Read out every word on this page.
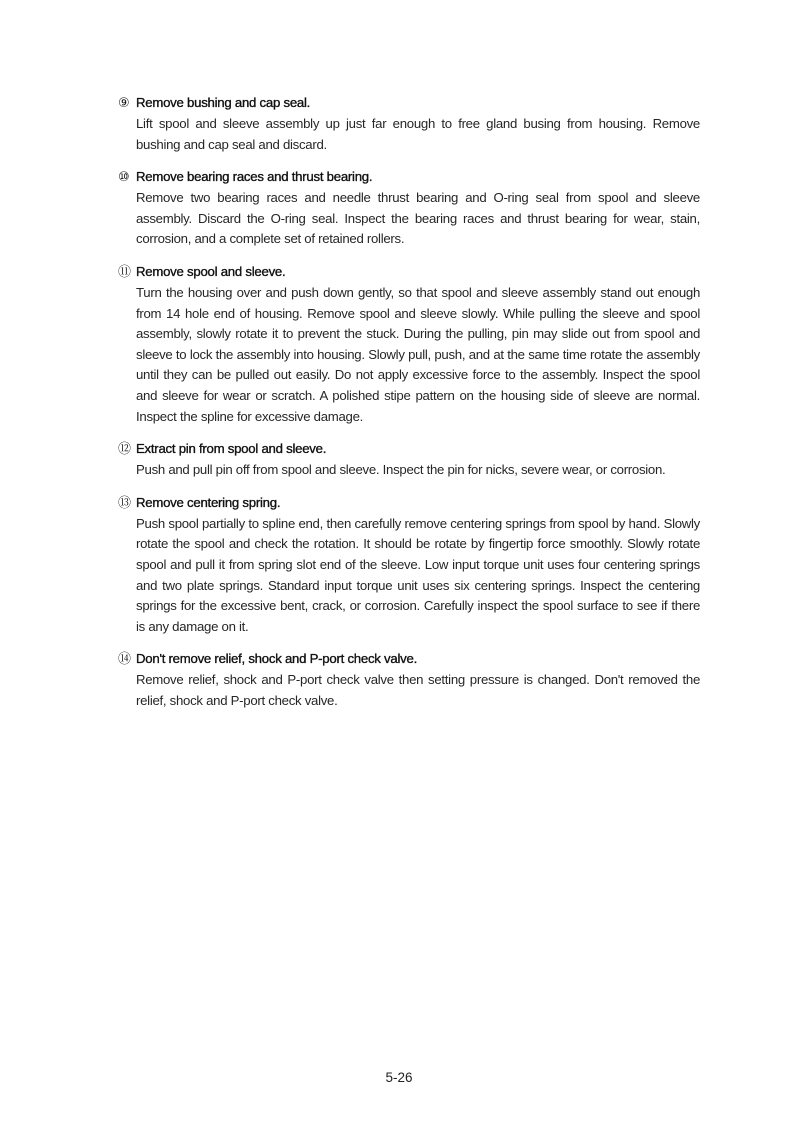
⑨ Remove bushing and cap seal.

Lift spool and sleeve assembly up just far enough to free gland busing from housing. Remove bushing and cap seal and discard.

⑩ Remove bearing races and thrust bearing.

Remove two bearing races and needle thrust bearing and O-ring seal from spool and sleeve assembly. Discard the O-ring seal. Inspect the bearing races and thrust bearing for wear, stain, corrosion, and a complete set of retained rollers.

⑪ Remove spool and sleeve.

Turn the housing over and push down gently, so that spool and sleeve assembly stand out enough from 14 hole end of housing. Remove spool and sleeve slowly. While pulling the sleeve and spool assembly, slowly rotate it to prevent the stuck. During the pulling, pin may slide out from spool and sleeve to lock the assembly into housing. Slowly pull, push, and at the same time rotate the assembly until they can be pulled out easily. Do not apply excessive force to the assembly. Inspect the spool and sleeve for wear or scratch. A polished stipe pattern on the housing side of sleeve are normal. Inspect the spline for excessive damage.

⑫ Extract pin from spool and sleeve.

Push and pull pin off from spool and sleeve. Inspect the pin for nicks, severe wear, or corrosion.

⑬ Remove centering spring.

Push spool partially to spline end, then carefully remove centering springs from spool by hand. Slowly rotate the spool and check the rotation. It should be rotate by fingertip force smoothly. Slowly rotate spool and pull it from spring slot end of the sleeve. Low input torque unit uses four centering springs and two plate springs. Standard input torque unit uses six centering springs. Inspect the centering springs for the excessive bent, crack, or corrosion. Carefully inspect the spool surface to see if there is any damage on it.

⑭ Don't remove relief, shock and P-port check valve.

Remove relief, shock and P-port check valve then setting pressure is changed. Don't removed the relief, shock and P-port check valve.

5-26
